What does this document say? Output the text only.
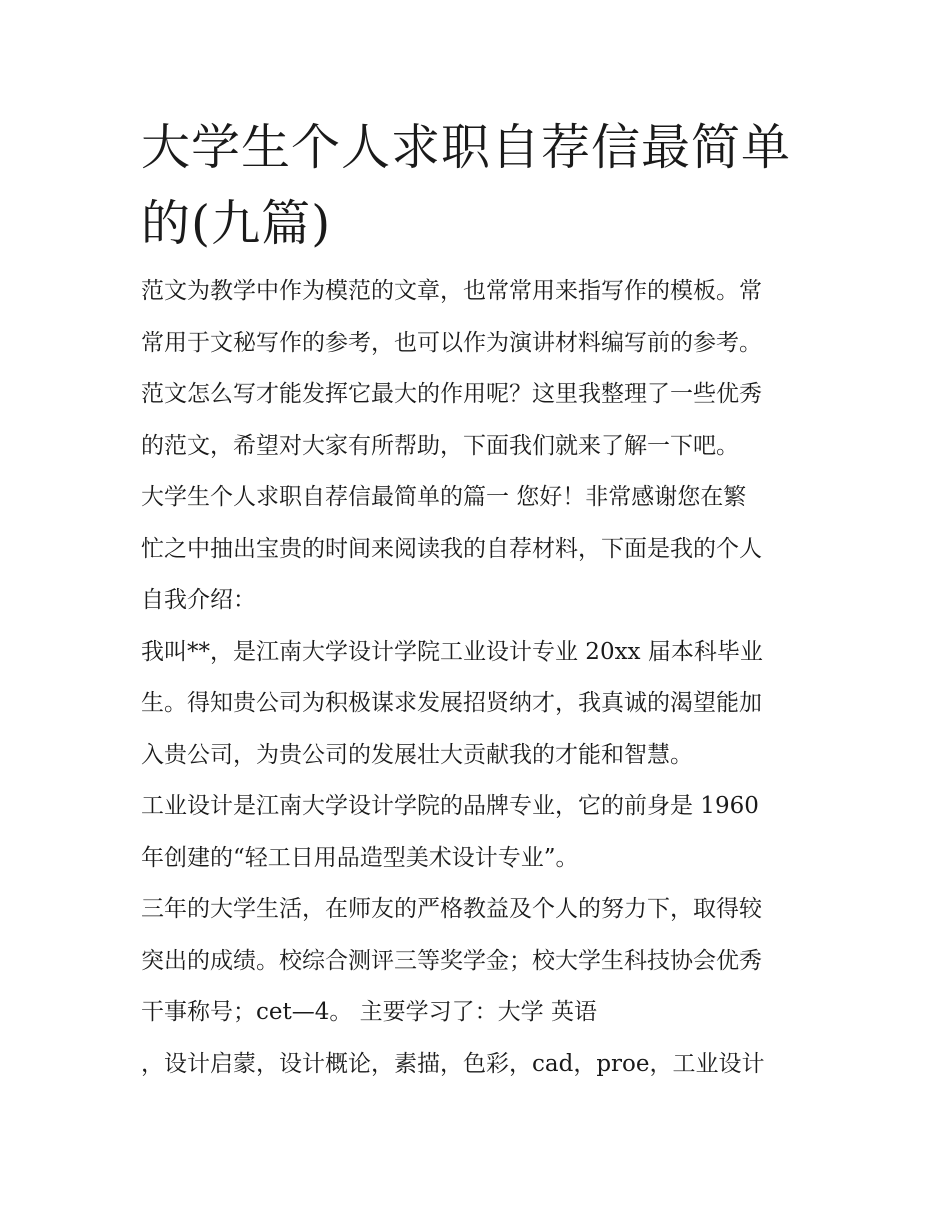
大学生个人求职自荐信最简单
的(九篇)

范文为教学中作为模范的文章，也常常用来指写作的模板。常
常用于文秘写作的参考，也可以作为演讲材料编写前的参考。
范文怎么写才能发挥它最大的作用呢？这里我整理了一些优秀
的范文，希望对大家有所帮助，下面我们就来了解一下吧。

大学生个人求职自荐信最简单的篇一 您好！非常感谢您在繁
忙之中抽出宝贵的时间来阅读我的自荐材料，下面是我的个人
自我介绍：

我叫**，是江南大学设计学院工业设计专业 20xx 届本科毕业
生。得知贵公司为积极谋求发展招贤纳才，我真诚的渴望能加
入贵公司，为贵公司的发展壮大贡献我的才能和智慧。

工业设计是江南大学设计学院的品牌专业，它的前身是 1960
年创建的“轻工日用品造型美术设计专业”。

三年的大学生活，在师友的严格教益及个人的努力下，取得较
突出的成绩。校综合测评三等奖学金；校大学生科技协会优秀
干事称号；cet—4。 主要学习了：大学 英语

，设计启蒙，设计概论，素描，色彩，cad，proe，工业设计
